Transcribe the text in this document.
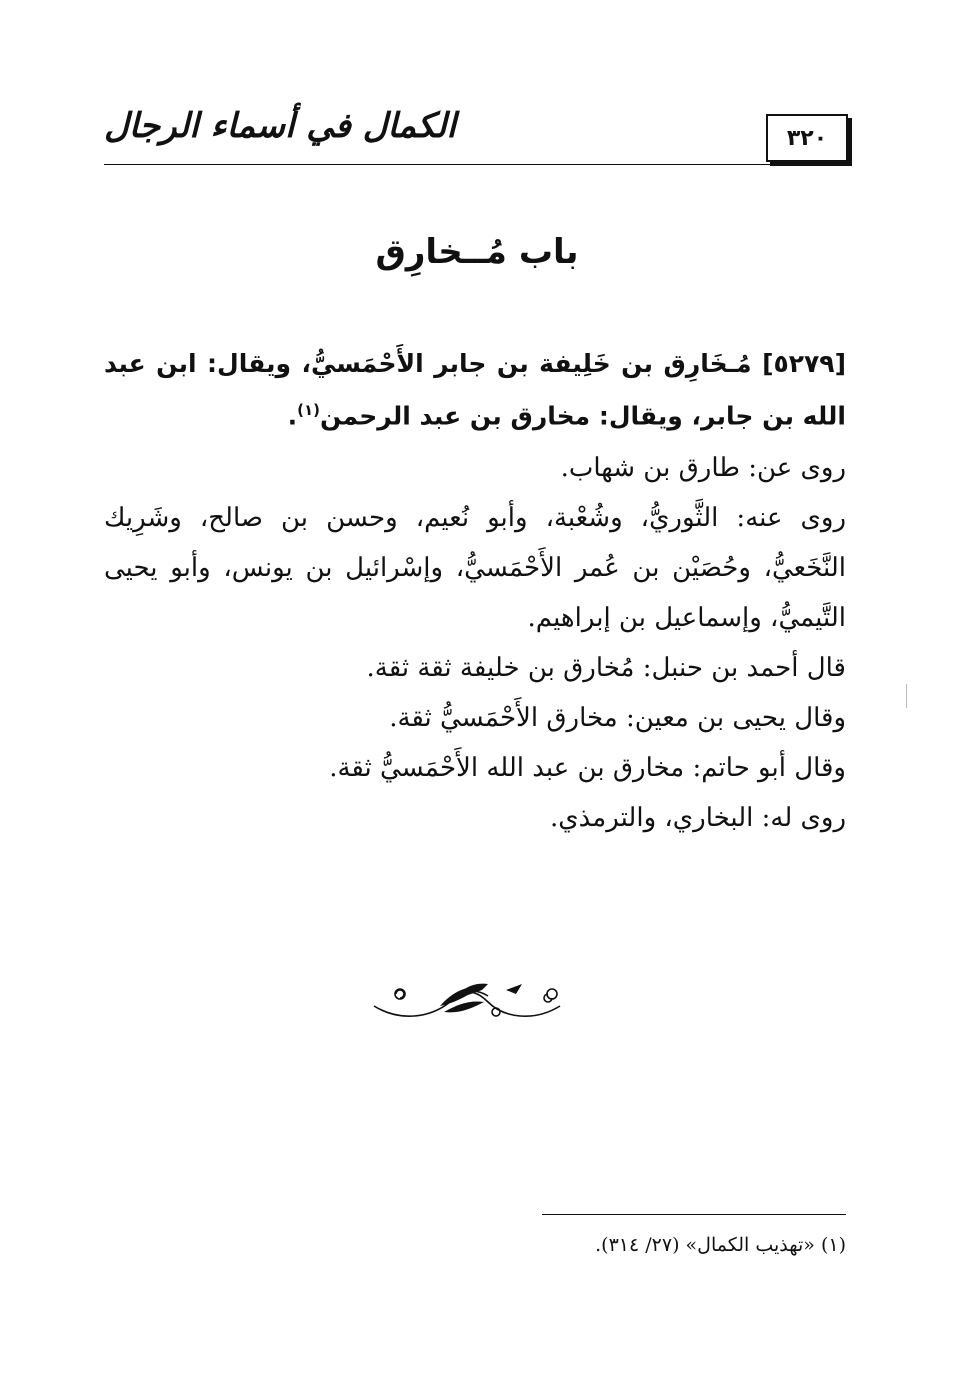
٣٢٠
الكمال في أسماء الرجال
باب مُــخارِق
[٥٢٧٩] مُـخَارِق بن خَلِيفة بن جابر الأَحْمَسيُّ، ويقال: ابن عبد الله بن جابر، ويقال: مخارق بن عبد الرحمن$^{(١)}$.
روى عن: طارق بن شهاب.
روى عنه: الثَّوريُّ، وشُعْبة، وأبو نُعيم، وحسن بن صالح، وشَرِيك النَّخَعيُّ، وحُصَيْن بن عُمر الأَحْمَسيُّ، وإسْرائيل بن يونس، وأبو يحيى التَّيميُّ، وإسماعيل بن إبراهيم.
قال أحمد بن حنبل: مُخارق بن خليفة ثقة ثقة.
وقال يحيى بن معين: مخارق الأَحْمَسيُّ ثقة.
وقال أبو حاتم: مخارق بن عبد الله الأَحْمَسيُّ ثقة.
روى له: البخاري، والترمذي.
(١) «تهذيب الكمال» (٢٧/ ٣١٤).
